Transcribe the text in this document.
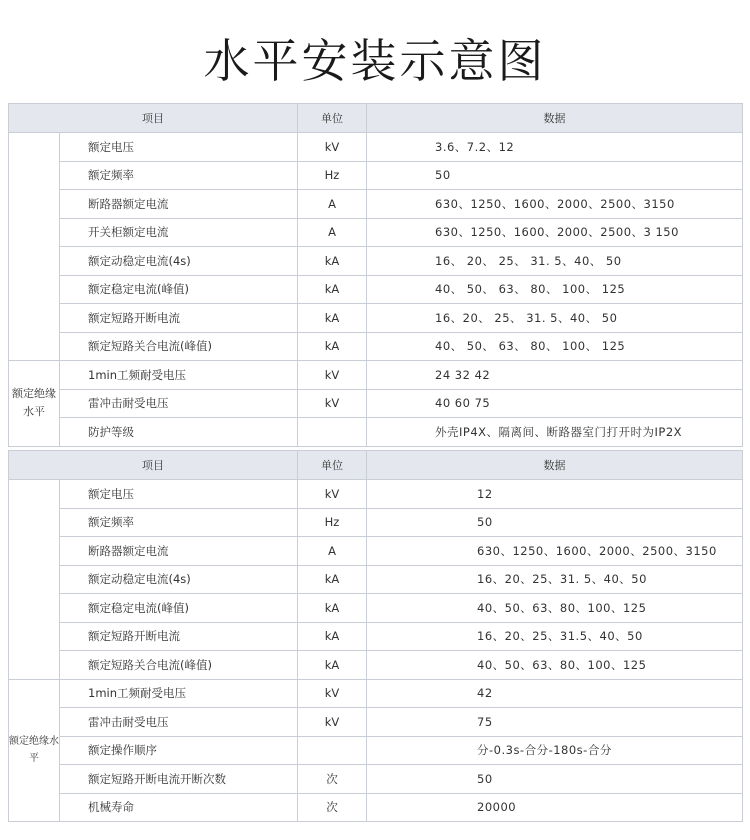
水平安装示意图
项目		单位	数据
	额定电压	kV	3.6、7.2、12
	额定频率	Hz	50
	断路器额定电流	A	630、1250、1600、2000、2500、3150
	开关柜额定电流	A	630、1250、1600、2000、2500、3 150
	额定动稳定电流(4s)	kA	16、 20、 25、 31. 5、40、 50
	额定稳定电流(峰值)	kA	40、 50、 63、 80、 100、 125
	额定短路开断电流	kA	16、20、 25、 31. 5、40、 50
	额定短路关合电流(峰值)	kA	40、 50、 63、 80、 100、 125
额定绝缘水平	1min工频耐受电压	kV	24 32 42
	雷冲击耐受电压	kV	40 60 75
	防护等级		外壳IP4X、隔离间、断路器室门打开时为IP2X
项目		单位	数据
	额定电压	kV	12
	额定频率	Hz	50
	断路器额定电流	A	630、1250、1600、2000、2500、3150
	额定动稳定电流(4s)	kA	16、20、25、31. 5、40、50
	额定稳定电流(峰值)	kA	40、50、63、80、100、125
	额定短路开断电流	kA	16、20、25、31.5、40、50
	额定短路关合电流(峰值)	kA	40、50、63、80、100、125
额定绝缘水平	1min工频耐受电压	kV	42
	雷冲击耐受电压	kV	75
	额定操作顺序		分-0.3s-合分-180s-合分
	额定短路开断电流开断次数	次	50
	机械寿命	次	20000
